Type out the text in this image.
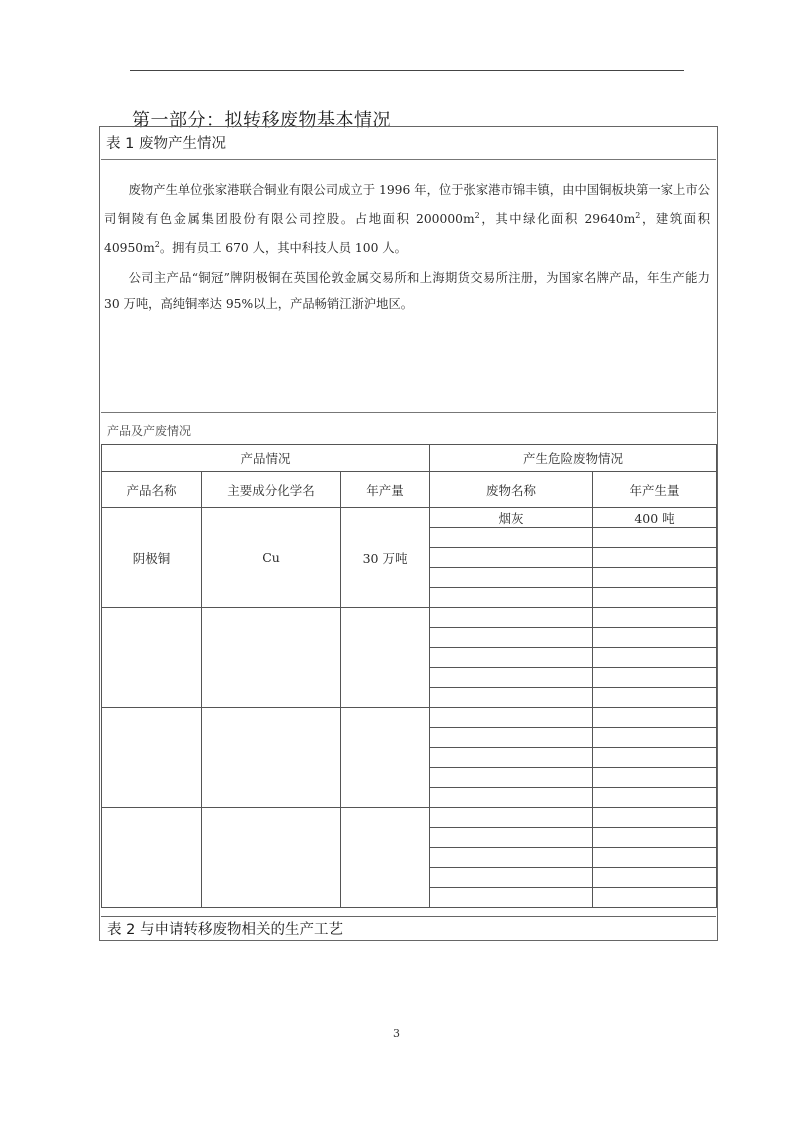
第一部分：拟转移废物基本情况
表 1 废物产生情况

废物产生单位张家港联合铜业有限公司成立于 1996 年，位于张家港市锦丰镇，由中国铜板块第一家上市公司铜陵有色金属集团股份有限公司控股。占地面积 $200000m^2$，其中绿化面积 $29640m^2$，建筑面积 $40950m^2$。拥有员工 670 人，其中科技人员 100 人。

公司主产品“铜冠”牌阴极铜在英国伦敦金属交易所和上海期货交易所注册，为国家名牌产品，年生产能力 30 万吨，高纯铜率达 95%以上，产品畅销江浙沪地区。

产品及产废情况
产品情况			产生危险废物情况	
产品名称	主要成分化学名	年产量	废物名称	年产生量
阴极铜	Cu	30 万吨	烟灰	400 吨

表 2 与申请转移废物相关的生产工艺
3
